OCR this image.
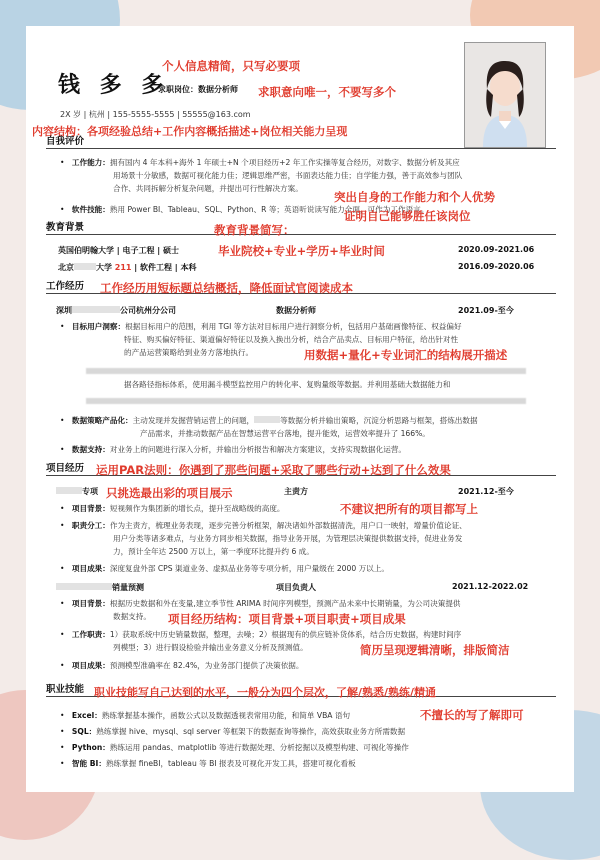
钱 多 多
求职岗位：数据分析师
2X 岁 | 杭州 | 155-5555-5555 | 55555@163.com
个人信息精简，只写必要项
求职意向唯一，不要写多个
内容结构：各项经验总结+工作内容概括描述+岗位相关能力呈现
自我评价
• 工作能力：拥有国内 4 年本科+海外 1 年硕士+N 个项目经历+2 年工作实操等复合经历，对数字、数据分析及其应
用场景十分敏感，数据可视化能力佳；逻辑思维严密，书面表达能力佳；自学能力强，善于高效参与团队
合作、共同拆解分析复杂问题，并提出可行性解决方案。
• 软件技能：熟用 Power BI、Tableau、SQL、Python、R 等；英语听说读写能力全面，可作为工作语言。
突出自身的工作能力和个人优势
证明自己能够胜任该岗位
教育背景	教育背景简写：
英国伯明翰大学 | 电子工程 | 硕士	2020.09-2021.06
北京	大学 211 | 软件工程 | 本科	2016.09-2020.06
毕业院校+专业+学历+毕业时间
工作经历 工作经历用短标题总结概括，降低面试官阅读成本
深圳	公司杭州分公司	数据分析师	2021.09-至今
• 目标用户洞察：根据目标用户的范围，利用 TGI 等方法对目标用户进行洞察分析，包括用户基础画像特征、权益偏好
特征、购买偏好特征、渠道偏好特征以及换入换出分析，结合产品卖点、目标用户特征，给出针对性
的产品运营策略给到业务方落地执行。	用数据+量化+专业词汇的结构展开描述
据各路径指标体系，使用漏斗模型监控用户的转化率、复购量级等数据。并利用基础大数据能力和
• 数据策略产品化：主动发现并发掘营销运营上的问题，	等数据分析并输出策略，沉淀分析思路与框架，搭炼出数据
产品需求，并推动数据产品在智慧运营平台落地，提升能效，运营效率提升了 166%。
• 数据支持：对业务上的问题进行深入分析，并输出分析报告和解决方案建议，支持实现数据化运营。
项目经历 运用PAR法则：你遇到了那些问题+采取了哪些行动+达到了什么效果
专项 只挑选最出彩的项目展示	主责方	2021.12-至今
• 项目背景：短视频作为集团新的增长点，提升至战略级的高度。	不建议把所有的项目都写上
• 职责分工：作为主责方，梳理业务表现，逐步完善分析框架，解决诸如外部数据清洗，用户口一映射，增量价值论证、
用户分类等诸多难点，与业务方同步相关数据，指导业务开展，为管理层决策提供数据支持，促进业务发
力，预计全年达 2500 万以上，第一季度环比提升约 6 成。
• 项目成果：深度复盘外部 CPS 渠道业务、虚拟品业务等专项分析，用户量级在 2000 万以上。
销量预测	项目负责人	2021.12-2022.02
• 项目背景：根据历史数据和外在变量,建立季节性 ARIMA 时间序列模型，预测产品未来中长期销量，为公司决策提供
数据支持。 项目经历结构：项目背景+项目职责+项目成果
• 工作职责：1）获取系统中历史销量数据，整理，去噪；2）根据现有的供应链补货体系，结合历史数据，构建时间序
列模型；3）进行假设检验并输出业务意义分析及预测值。	简历呈现逻辑清晰，排版简洁
• 项目成果：预测模型准确率在 82.4%，为业务部门提供了决策依据。
职业技能 职业技能写自己达到的水平，一般分为四个层次，了解/熟悉/熟练/精通
• Excel：熟练掌握基本操作，函数公式以及数据透视表常用功能，和简单 VBA 语句	不擅长的写了解即可
• SQL：熟练掌握 hive、mysql、sql server 等框架下的数据查询等操作，高效获取业务方所需数据
• Python：熟练运用 pandas、matplotlib 等进行数据处理、分析挖掘以及模型构建、可视化等操作
• 智能 BI：熟练掌握 fineBI，tableau 等 BI 报表及可视化开发工具，搭建可视化看板
